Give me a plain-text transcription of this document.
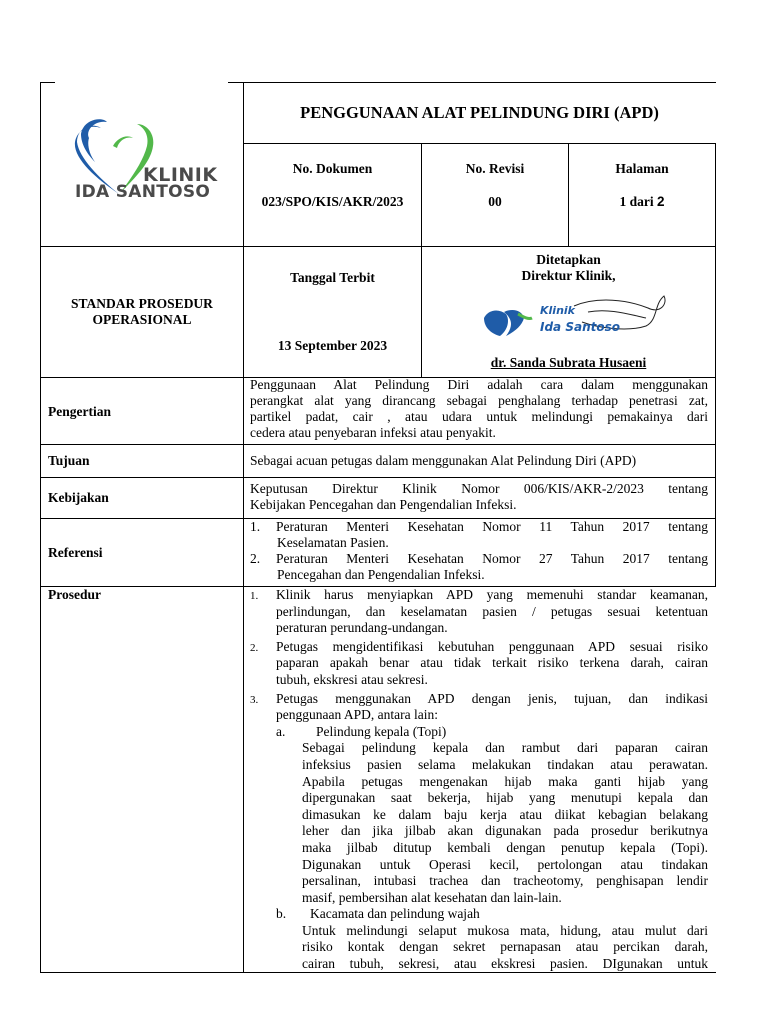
KLINIK
IDA SANTOSO
PENGGUNAAN ALAT PELINDUNG DIRI (APD)
No. Dokumen
023/SPO/KIS/AKR/2023
No. Revisi
00
Halaman
1 dari 2
STANDAR PROSEDUR
OPERASIONAL
Tanggal Terbit
13 September 2023
Ditetapkan
Direktur Klinik,
Klinik
Ida Santoso
dr. Sanda Subrata Husaeni
Pengertian
Penggunaan Alat Pelindung Diri adalah cara dalam menggunakan
perangkat alat yang dirancang sebagai penghalang terhadap penetrasi zat,
partikel padat, cair , atau udara untuk melindungi pemakainya dari
cedera atau penyebaran infeksi atau penyakit.
Tujuan	Sebagai acuan petugas dalam menggunakan Alat Pelindung Diri (APD)
Kebijakan
Keputusan Direktur Klinik Nomor 006/KIS/AKR-2/2023 tentang
Kebijakan Pencegahan dan Pengendalian Infeksi.
Referensi
1.	Peraturan Menteri Kesehatan Nomor 11 Tahun 2017 tentang
Keselamatan Pasien.
2.	Peraturan Menteri Kesehatan Nomor 27 Tahun 2017 tentang
Pencegahan dan Pengendalian Infeksi.
Prosedur	1.	Klinik harus menyiapkan APD yang memenuhi standar keamanan,
perlindungan, dan keselamatan pasien / petugas sesuai ketentuan
peraturan perundang-undangan.
2.	Petugas mengidentifikasi kebutuhan penggunaan APD sesuai risiko
paparan apakah benar atau tidak terkait risiko terkena darah, cairan
tubuh, ekskresi atau sekresi.
3.	Petugas menggunakan APD dengan jenis, tujuan, dan indikasi
penggunaan APD, antara lain:
a. Pelindung kepala (Topi)
Sebagai pelindung kepala dan rambut dari paparan cairan
infeksius pasien selama melakukan tindakan atau perawatan.
Apabila petugas mengenakan hijab maka ganti hijab yang
dipergunakan saat bekerja, hijab yang menutupi kepala dan
dimasukan ke dalam baju kerja atau diikat kebagian belakang
leher dan jika jilbab akan digunakan pada prosedur berikutnya
maka jilbab ditutup kembali dengan penutup kepala (Topi).
Digunakan untuk Operasi kecil, pertolongan atau tindakan
persalinan, intubasi trachea dan tracheotomy, penghisapan lendir
masif, pembersihan alat kesehatan dan lain-lain.
b. Kacamata dan pelindung wajah
Untuk melindungi selaput mukosa mata, hidung, atau mulut dari
risiko kontak dengan sekret pernapasan atau percikan darah,
cairan tubuh, sekresi, atau ekskresi pasien. DIgunakan untuk
